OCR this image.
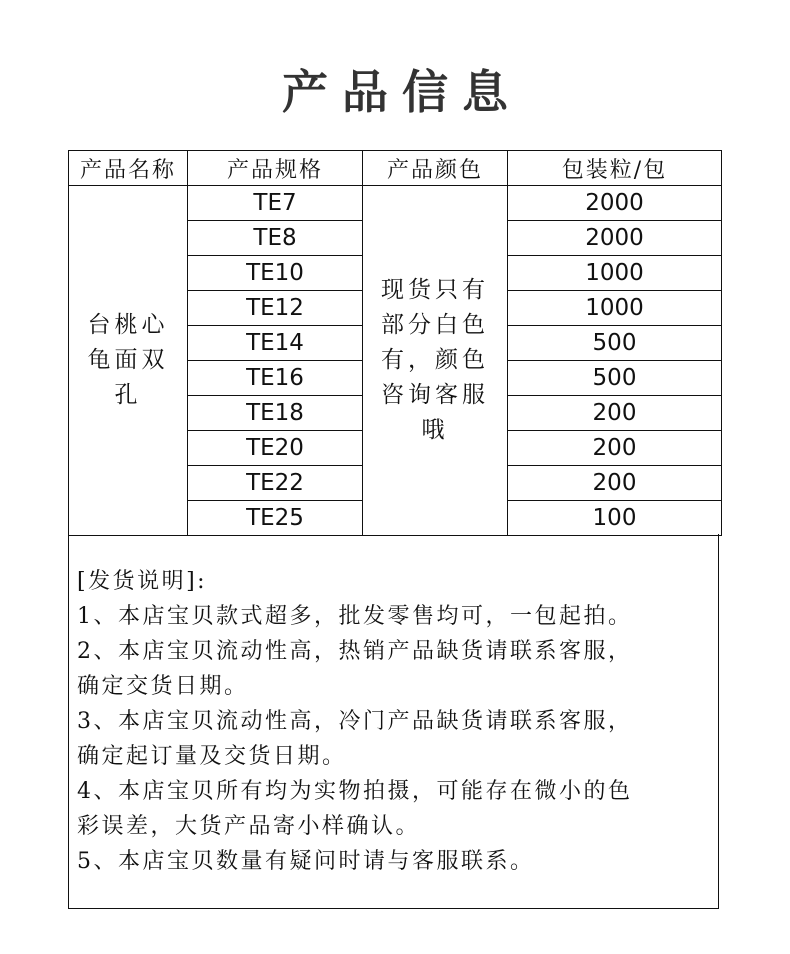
产品信息
产品名称	产品规格	产品颜色	包装粒/包
台桃心龟面双孔	TE7	现货只有部分白色有，颜色咨询客服哦	2000
	TE8		2000
	TE10		1000
	TE12		1000
	TE14		500
	TE16		500
	TE18		200
	TE20		200
	TE22		200
	TE25		100

[发货说明]:

1、本店宝贝款式超多，批发零售均可，一包起拍。

2、本店宝贝流动性高，热销产品缺货请联系客服，

确定交货日期。

3、本店宝贝流动性高，冷门产品缺货请联系客服，

确定起订量及交货日期。

4、本店宝贝所有均为实物拍摄，可能存在微小的色

彩误差，大货产品寄小样确认。

5、本店宝贝数量有疑问时请与客服联系。
